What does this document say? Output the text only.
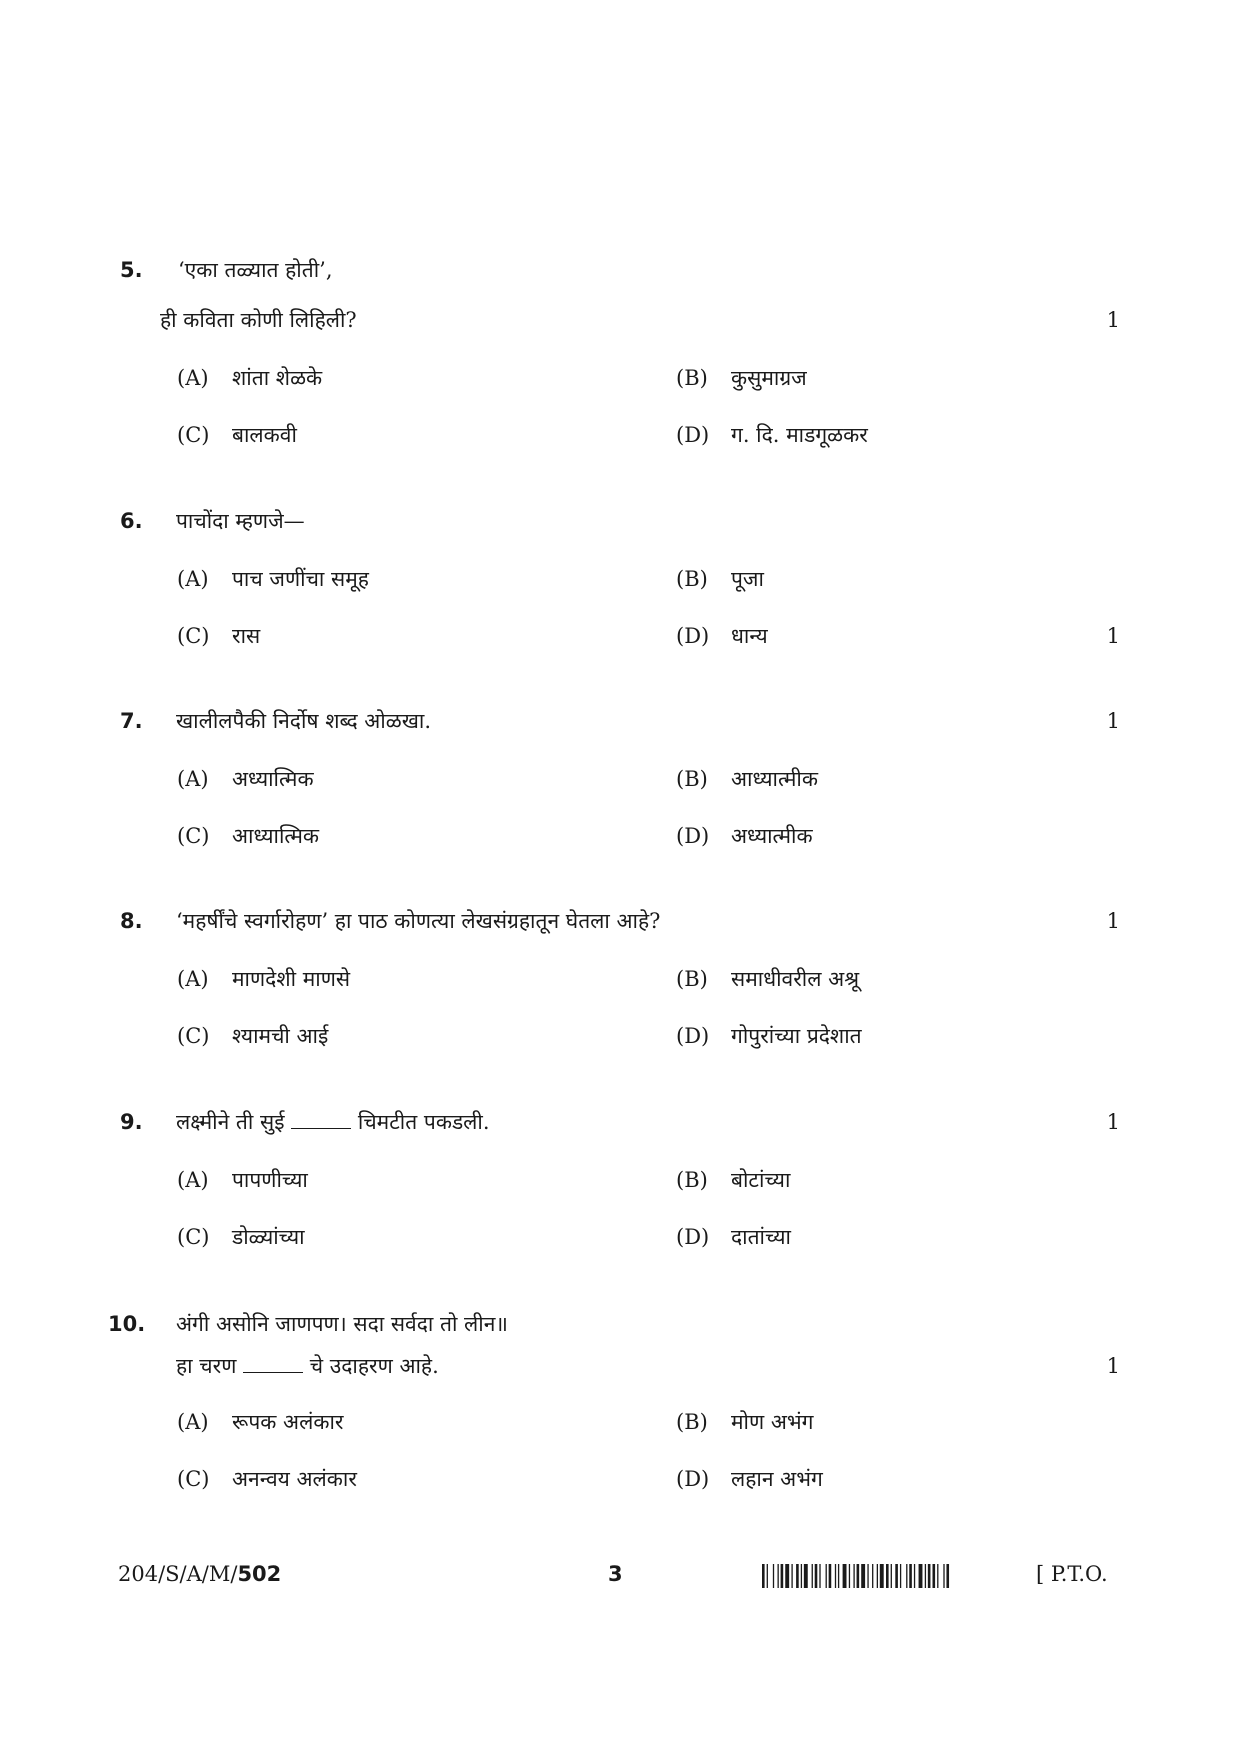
5.	‘एका तळ्यात होती’,
ही कविता कोणी लिहिली?	1
(A) शांता शेळके	(B) कुसुमाग्रज
(C) बालकवी	(D) ग. दि. माडगूळकर
6.	पाचोंदा म्हणजे—
(A) पाच जणींचा समूह	(B) पूजा
(C) रास	(D) धान्य	1
7.	खालीलपैकी निर्दोष शब्द ओळखा.	1
(A) अध्यात्मिक	(B) आध्यात्मीक
(C) आध्यात्मिक	(D) अध्यात्मीक
8.	‘महर्षींचे स्वर्गारोहण’ हा पाठ कोणत्या लेखसंग्रहातून घेतला आहे?	1
(A) माणदेशी माणसे	(B) समाधीवरील अश्रू
(C) श्यामची आई	(D) गोपुरांच्या प्रदेशात
9.	लक्ष्मीने ती सुई	चिमटीत पकडली.	1
(A) पापणीच्या	(B) बोटांच्या
(C) डोळ्यांच्या	(D) दातांच्या
10.	अंगी असोनि जाणपण। सदा सर्वदा तो लीन॥
हा चरण	चे उदाहरण आहे.	1
(A) रूपक अलंकार	(B) मोण अभंग
(C) अनन्वय अलंकार	(D) लहान अभंग
204/S/A/M/502	3	[ P.T.O.
